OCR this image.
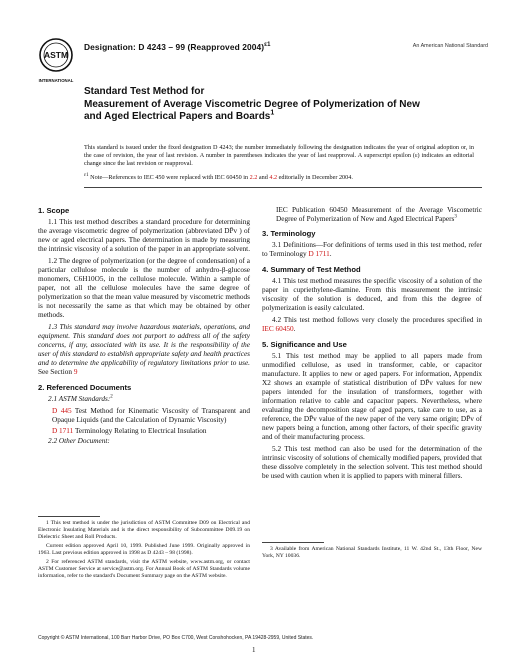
ASTM
INTERNATIONAL
Designation: D 4243 – 99 (Reapproved 2004)$^{\varepsilon 1}$	An American National Standard
Standard Test Method for
Measurement of Average Viscometric Degree of Polymerization of New and Aged Electrical Papers and Boards$^1$
This standard is issued under the fixed designation D 4243; the number immediately following the designation indicates the year of original adoption or, in the case of revision, the year of last revision. A number in parentheses indicates the year of last reapproval. A superscript epsilon (ε) indicates an editorial change since the last revision or reapproval.
$^{\varepsilon 1}$ Note—References to IEC 450 were replaced with IEC 60450 in 2.2 and 4.2 editorially in December 2004.
1. Scope

1.1 This test method describes a standard procedure for determining the average viscometric degree of polymerization (abbreviated DP̄v ) of new or aged electrical papers. The determination is made by measuring the intrinsic viscosity of a solution of the paper in an appropriate solvent.

1.2 The degree of polymerization (or the degree of condensation) of a particular cellulose molecule is the number of anhydro-β-glucose monomers, C6H10O5, in the cellulose molecule. Within a sample of paper, not all the cellulose molecules have the same degree of polymerization so that the mean value measured by viscometric methods is not necessarily the same as that which may be obtained by other methods.

1.3 This standard may involve hazardous materials, operations, and equipment. This standard does not purport to address all of the safety concerns, if any, associated with its use. It is the responsibility of the user of this standard to establish appropriate safety and health practices and to determine the applicability of regulatory limitations prior to use. See Section 9

2. Referenced Documents

2.1 ASTM Standards:$^2$

D 445 Test Method for Kinematic Viscosity of Transparent and Opaque Liquids (and the Calculation of Dynamic Viscosity)

D 1711 Terminology Relating to Electrical Insulation

2.2 Other Document:

IEC Publication 60450 Measurement of the Average Viscometric Degree of Polymerization of New and Aged Electrical Papers$^3$

3. Terminology

3.1 Definitions—For definitions of terms used in this test method, refer to Terminology D 1711.

4. Summary of Test Method

4.1 This test method measures the specific viscosity of a solution of the paper in cupriethylene-diamine. From this measurement the intrinsic viscosity of the solution is deduced, and from this the degree of polymerization is easily calculated.

4.2 This test method follows very closely the procedures specified in IEC 60450.

5. Significance and Use

5.1 This test method may be applied to all papers made from unmodified cellulose, as used in transformer, cable, or capacitor manufacture. It applies to new or aged papers. For information, Appendix X2 shows an example of statistical distribution of DP̄v values for new papers intended for the insulation of transformers, together with information relative to cable and capacitor papers. Nevertheless, where evaluating the decomposition stage of aged papers, take care to use, as a reference, the DP̄v value of the new paper of the very same origin; DP̄v of new papers being a function, among other factors, of their specific gravity and of their manufacturing process.

5.2 This test method can also be used for the determination of the intrinsic viscosity of solutions of chemically modified papers, provided that these dissolve completely in the selection solvent. This test method should be used with caution when it is applied to papers with mineral fillers.

1 This test method is under the jurisdiction of ASTM Committee D09 on Electrical and Electronic Insulating Materials and is the direct responsibility of Subcommittee D09.19 on Dielectric Sheet and Roll Products.

Current edition approved April 10, 1999. Published June 1999. Originally approved in 1963. Last previous edition approved in 1998 as D 4243 – 98 (1998).

2 For referenced ASTM standards, visit the ASTM website, www.astm.org, or contact ASTM Customer Service at service@astm.org. For Annual Book of ASTM Standards volume information, refer to the standard's Document Summary page on the ASTM website.

3 Available from American National Standards Institute, 11 W. 42nd St., 13th Floor, New York, NY 10036.

Copyright © ASTM International, 100 Barr Harbor Drive, PO Box C700, West Conshohocken, PA 19428-2959, United States.
1
